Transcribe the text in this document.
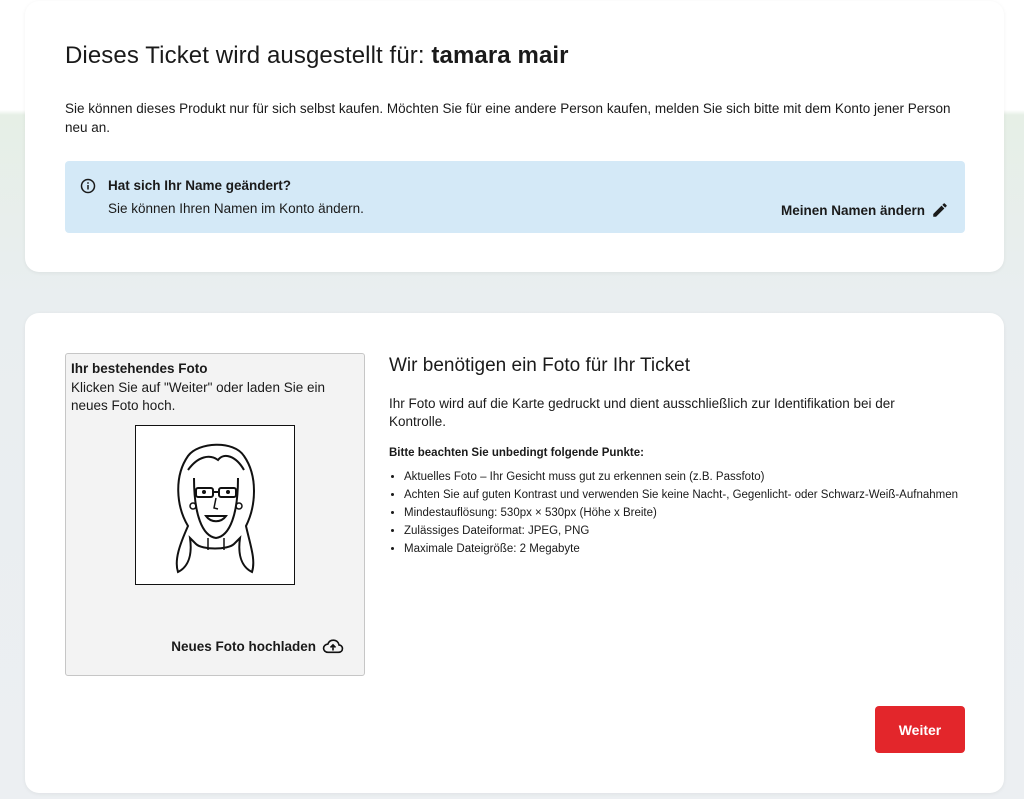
Dieses Ticket wird ausgestellt für: tamara mair
Sie können dieses Produkt nur für sich selbst kaufen. Möchten Sie für eine andere Person kaufen, melden Sie sich bitte mit dem Konto jener Person neu an.
Hat sich Ihr Name geändert?
Sie können Ihren Namen im Konto ändern.	Meinen Namen ändern
Ihr bestehendes Foto
Klicken Sie auf "Weiter" oder laden Sie ein neues Foto hoch.
Neues Foto hochladen
Wir benötigen ein Foto für Ihr Ticket
Ihr Foto wird auf die Karte gedruckt und dient ausschließlich zur Identifikation bei der Kontrolle.
Bitte beachten Sie unbedingt folgende Punkte:
• Aktuelles Foto – Ihr Gesicht muss gut zu erkennen sein (z.B. Passfoto)
• Achten Sie auf guten Kontrast und verwenden Sie keine Nacht-, Gegenlicht- oder Schwarz-Weiß-Aufnahmen
• Mindestauflösung: 530px × 530px (Höhe x Breite)
• Zulässiges Dateiformat: JPEG, PNG
• Maximale Dateigröße: 2 Megabyte
Weiter
